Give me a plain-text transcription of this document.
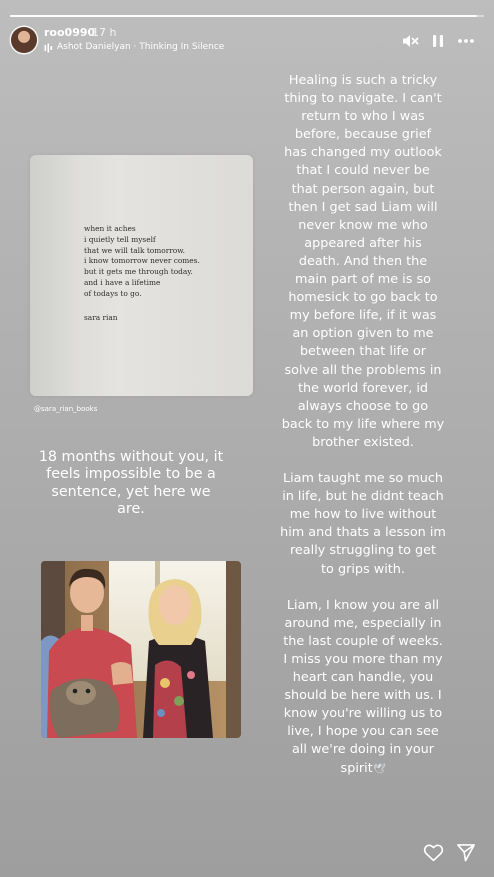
roo0990
17 h
Ashot Danielyan · Thinking In Silence
when it aches
i quietly tell myself
that we will talk tomorrow.
i know tomorrow never comes.
but it gets me through today.
and i have a lifetime
of todays to go.
sara rian
@sara_rian_books
18 months without you, it
feels impossible to be a
sentence, yet here we
are.
Healing is such a tricky
thing to navigate. I can't
return to who I was
before, because grief
has changed my outlook
that I could never be
that person again, but
then I get sad Liam will
never know me who
appeared after his
death. And then the
main part of me is so
homesick to go back to
my before life, if it was
an option given to me
between that life or
solve all the problems in
the world forever, id
always choose to go
back to my life where my
brother existed.
Liam taught me so much
in life, but he didnt teach
me how to live without
him and thats a lesson im
really struggling to get
to grips with.
Liam, I know you are all
around me, especially in
the last couple of weeks.
I miss you more than my
heart can handle, you
should be here with us. I
know you're willing us to
live, I hope you can see
all we're doing in your
spirit🕊
